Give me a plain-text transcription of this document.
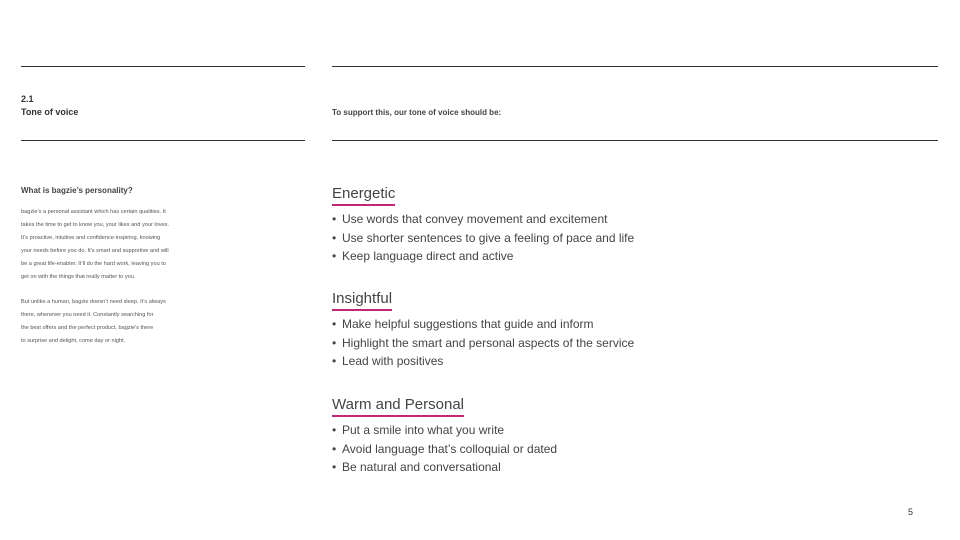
2.1
Tone of voice	To support this, our tone of voice should be:
What is bagzie’s personality?
bagzie’s a personal assistant which has certain qualities. It
takes the time to get to know you, your likes and your loves.
It’s proactive, intuitive and confidence-inspiring, knowing
your needs before you do. It’s smart and supportive and will
be a great life-enabler. It’ll do the hard work, leaving you to
get on with the things that really matter to you.
But unlike a human, bagzie doesn’t need sleep. It’s always
there, whenever you need it. Constantly searching for
the best offers and the perfect product, bagzie’s there
to surprise and delight, come day or night.
Energetic
• Use words that convey movement and excitement
• Use shorter sentences to give a feeling of pace and life
• Keep language direct and active
Insightful
• Make helpful suggestions that guide and inform
• Highlight the smart and personal aspects of the service
• Lead with positives
Warm and Personal
• Put a smile into what you write
• Avoid language that’s colloquial or dated
• Be natural and conversational
5
